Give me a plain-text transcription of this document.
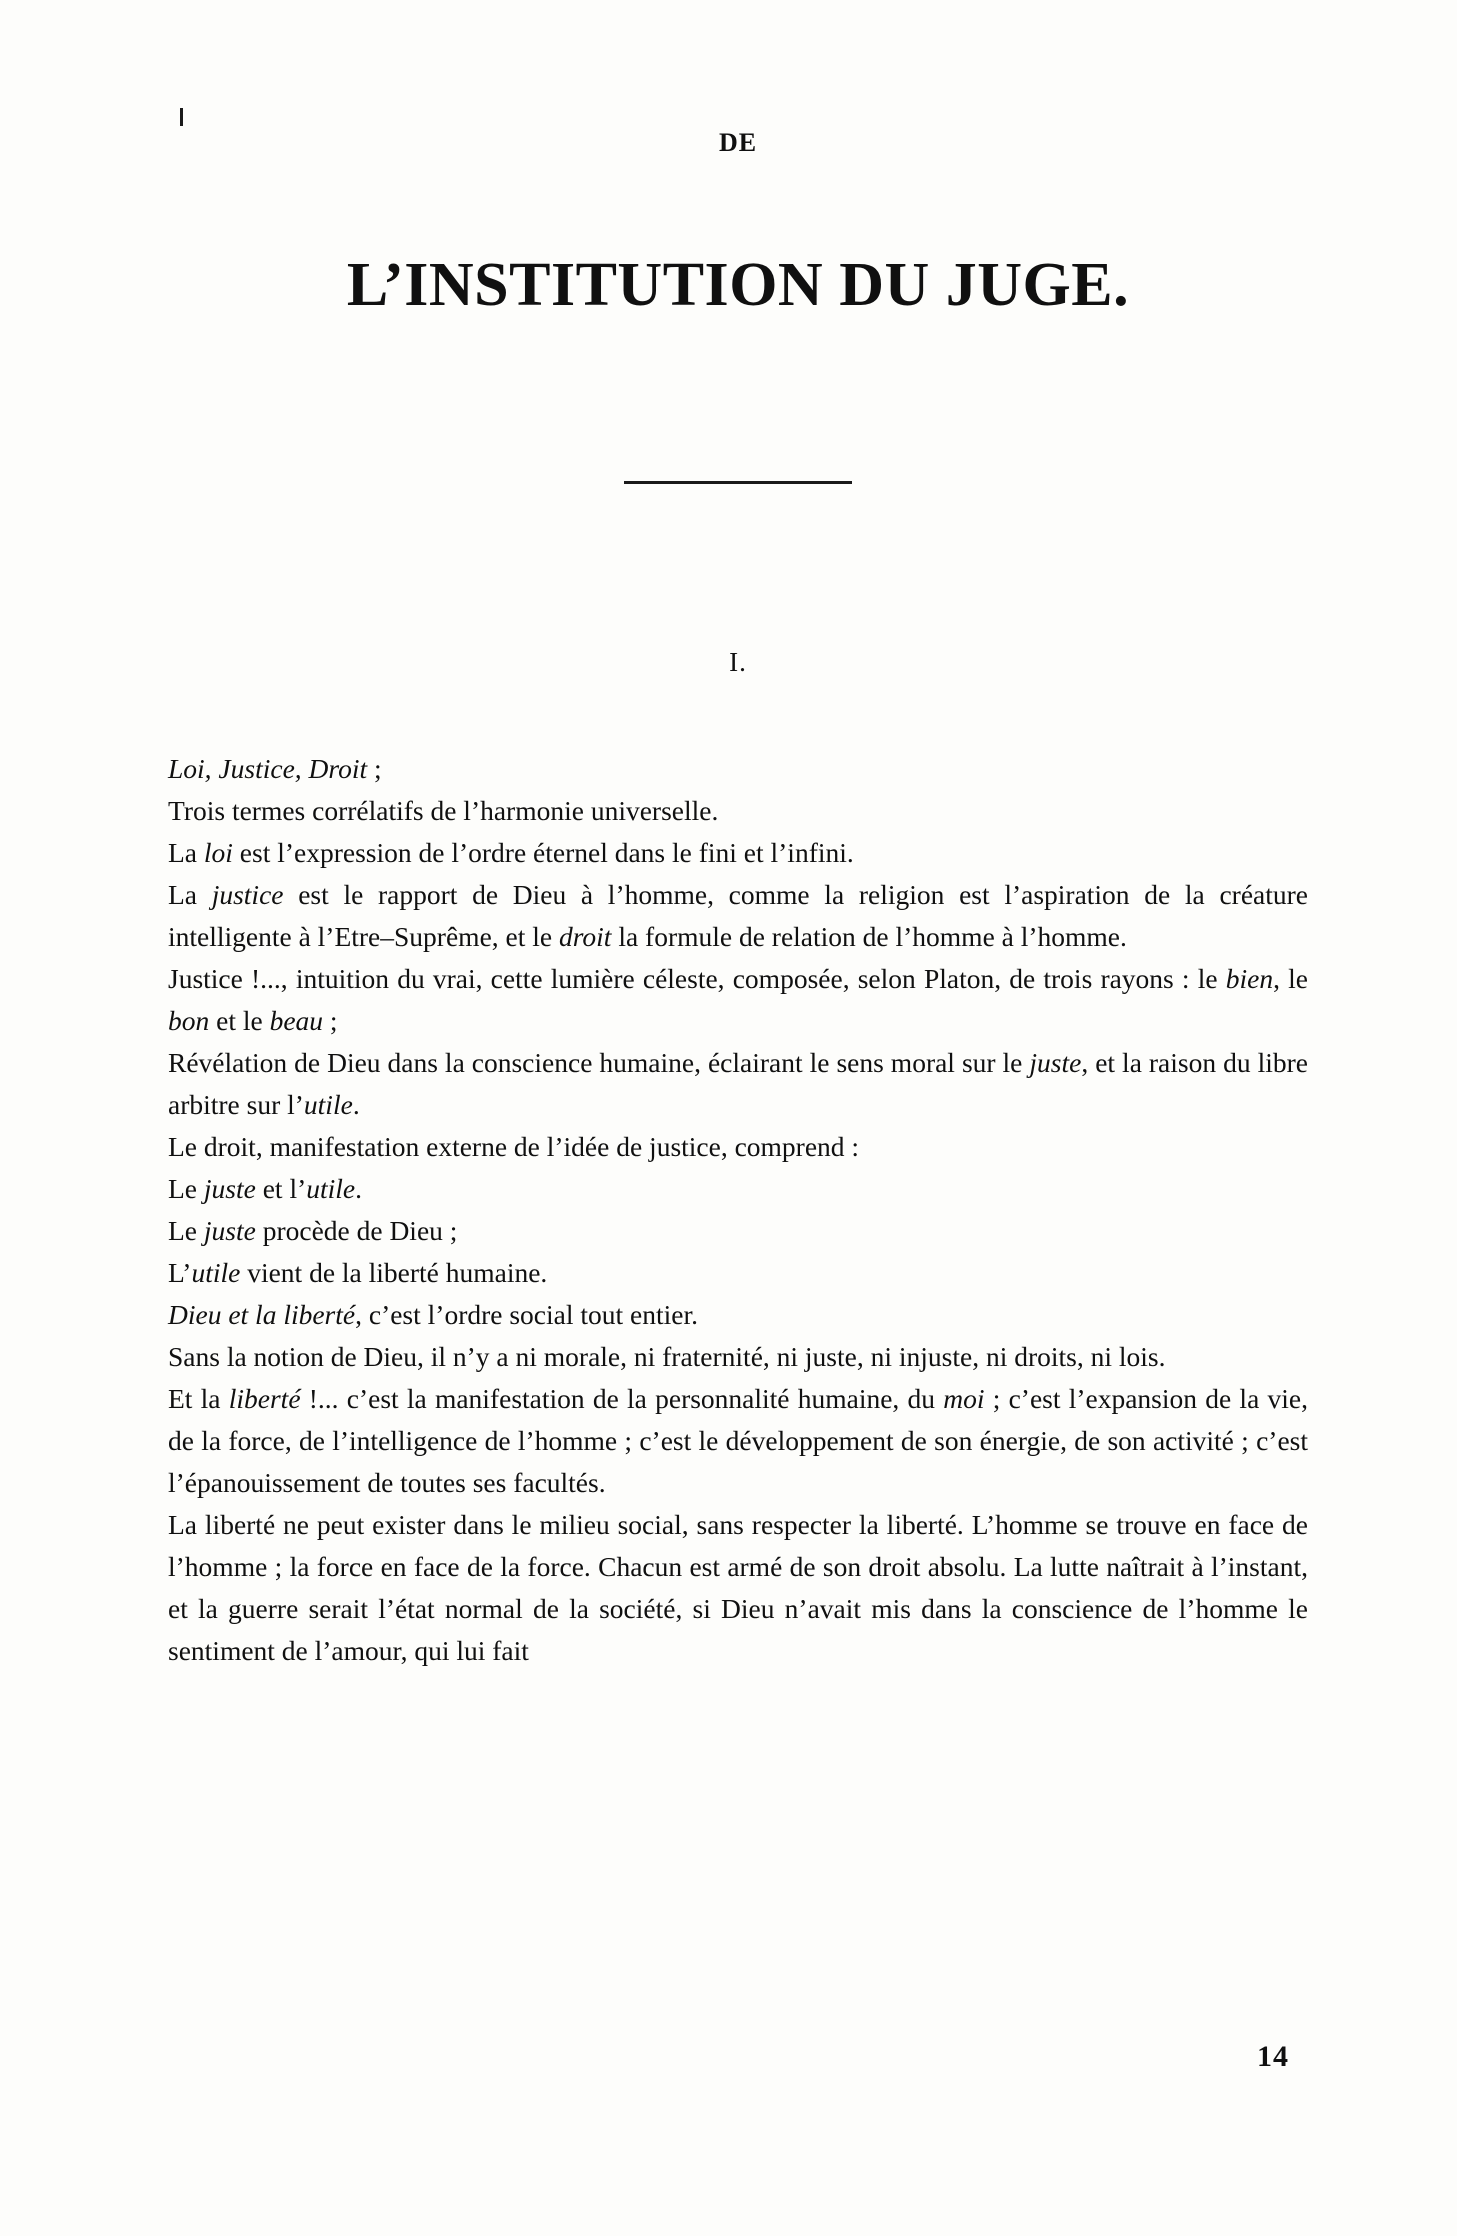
DE
L’INSTITUTION DU JUGE.
I.

Loi, Justice, Droit ;

Trois termes corrélatifs de l’harmonie universelle.

La loi est l’expression de l’ordre éternel dans le fini et l’infini.

La justice est le rapport de Dieu à l’homme, comme la religion est l’aspiration de la créature intelligente à l’Etre–Suprême, et le droit la formule de relation de l’homme à l’homme.

Justice !..., intuition du vrai, cette lumière céleste, composée, selon Platon, de trois rayons : le bien, le bon et le beau ;

Révélation de Dieu dans la conscience humaine, éclairant le sens moral sur le juste, et la raison du libre arbitre sur l’utile.

Le droit, manifestation externe de l’idée de justice, comprend :

Le juste et l’utile.

Le juste procède de Dieu ;

L’utile vient de la liberté humaine.

Dieu et la liberté, c’est l’ordre social tout entier.

Sans la notion de Dieu, il n’y a ni morale, ni fraternité, ni juste, ni injuste, ni droits, ni lois.

Et la liberté !... c’est la manifestation de la personnalité humaine, du moi ; c’est l’expansion de la vie, de la force, de l’intelligence de l’homme ; c’est le développement de son énergie, de son activité ; c’est l’épanouissement de toutes ses facultés.

La liberté ne peut exister dans le milieu social, sans respecter la liberté. L’homme se trouve en face de l’homme ; la force en face de la force. Chacun est armé de son droit absolu. La lutte naîtrait à l’instant, et la guerre serait l’état normal de la société, si Dieu n’avait mis dans la conscience de l’homme le sentiment de l’amour, qui lui fait

14
